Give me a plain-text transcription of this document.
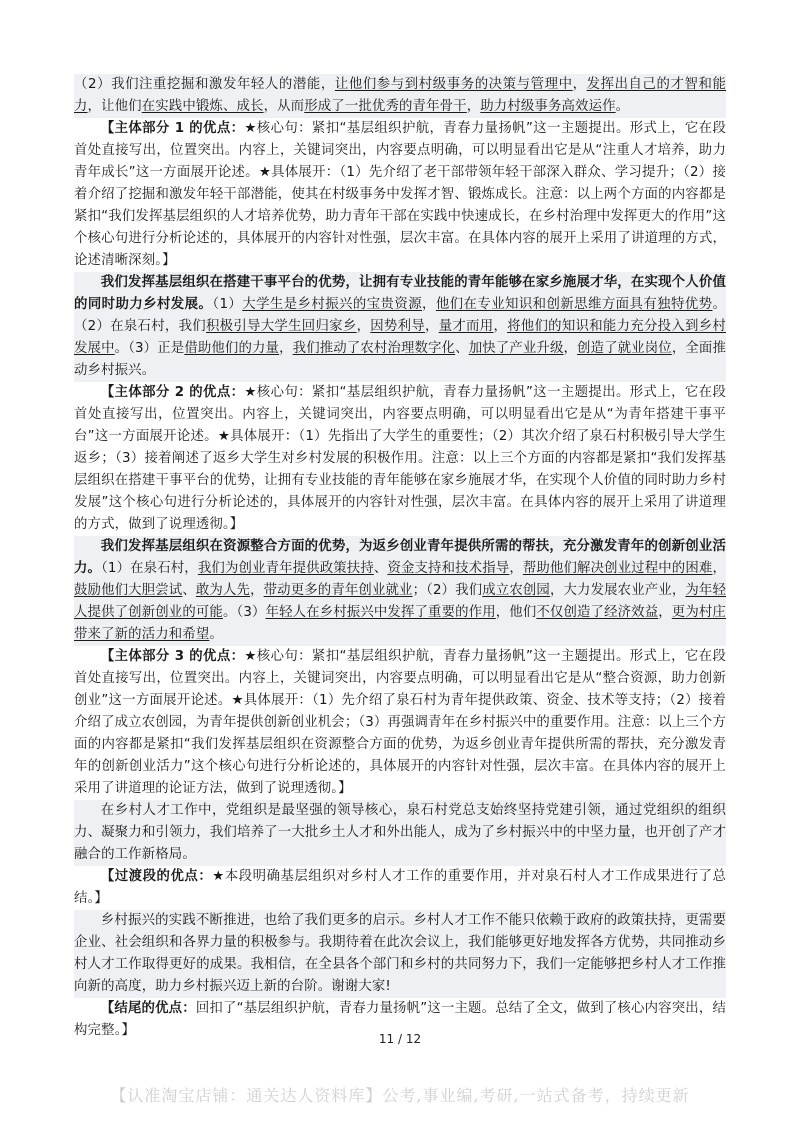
（2）我们注重挖掘和激发年轻人的潜能，让他们参与到村级事务的决策与管理中，发挥出自己的才智和能力，让他们在实践中锻炼、成长，从而形成了一批优秀的青年骨干，助力村级事务高效运作。

【主体部分 1 的优点：★核心句：紧扣“基层组织护航，青春力量扬帆”这一主题提出。形式上，它在段首处直接写出，位置突出。内容上，关键词突出，内容要点明确，可以明显看出它是从“注重人才培养，助力青年成长”这一方面展开论述。★具体展开：（1）先介绍了老干部带领年轻干部深入群众、学习提升；（2）接着介绍了挖掘和激发年轻干部潜能，使其在村级事务中发挥才智、锻炼成长。注意：以上两个方面的内容都是紧扣“我们发挥基层组织的人才培养优势，助力青年干部在实践中快速成长，在乡村治理中发挥更大的作用”这个核心句进行分析论述的，具体展开的内容针对性强，层次丰富。在具体内容的展开上采用了讲道理的方式，论述清晰深刻。】

我们发挥基层组织在搭建干事平台的优势，让拥有专业技能的青年能够在家乡施展才华，在实现个人价值的同时助力乡村发展。（1）大学生是乡村振兴的宝贵资源，他们在专业知识和创新思维方面具有独特优势。（2）在泉石村，我们积极引导大学生回归家乡，因势利导，量才而用，将他们的知识和能力充分投入到乡村发展中。（3）正是借助他们的力量，我们推动了农村治理数字化、加快了产业升级，创造了就业岗位，全面推动乡村振兴。

【主体部分 2 的优点：★核心句：紧扣“基层组织护航，青春力量扬帆”这一主题提出。形式上，它在段首处直接写出，位置突出。内容上，关键词突出，内容要点明确，可以明显看出它是从“为青年搭建干事平台”这一方面展开论述。★具体展开：（1）先指出了大学生的重要性；（2）其次介绍了泉石村积极引导大学生返乡；（3）接着阐述了返乡大学生对乡村发展的积极作用。注意：以上三个方面的内容都是紧扣“我们发挥基层组织在搭建干事平台的优势，让拥有专业技能的青年能够在家乡施展才华，在实现个人价值的同时助力乡村发展”这个核心句进行分析论述的，具体展开的内容针对性强，层次丰富。在具体内容的展开上采用了讲道理的方式，做到了说理透彻。】

我们发挥基层组织在资源整合方面的优势，为返乡创业青年提供所需的帮扶，充分激发青年的创新创业活力。（1）在泉石村，我们为创业青年提供政策扶持、资金支持和技术指导，帮助他们解决创业过程中的困难，鼓励他们大胆尝试、敢为人先，带动更多的青年创业就业；（2）我们成立农创园，大力发展农业产业，为年轻人提供了创新创业的可能。（3）年轻人在乡村振兴中发挥了重要的作用，他们不仅创造了经济效益，更为村庄带来了新的活力和希望。

【主体部分 3 的优点：★核心句：紧扣“基层组织护航，青春力量扬帆”这一主题提出。形式上，它在段首处直接写出，位置突出。内容上，关键词突出，内容要点明确，可以明显看出它是从“整合资源，助力创新创业”这一方面展开论述。★具体展开：（1）先介绍了泉石村为青年提供政策、资金、技术等支持；（2）接着介绍了成立农创园，为青年提供创新创业机会；（3）再强调青年在乡村振兴中的重要作用。注意：以上三个方面的内容都是紧扣“我们发挥基层组织在资源整合方面的优势，为返乡创业青年提供所需的帮扶，充分激发青年的创新创业活力”这个核心句进行分析论述的，具体展开的内容针对性强，层次丰富。在具体内容的展开上采用了讲道理的论证方法，做到了说理透彻。】

在乡村人才工作中，党组织是最坚强的领导核心，泉石村党总支始终坚持党建引领，通过党组织的组织力、凝聚力和引领力，我们培养了一大批乡土人才和外出能人，成为了乡村振兴中的中坚力量，也开创了产才融合的工作新格局。

【过渡段的优点：★本段明确基层组织对乡村人才工作的重要作用，并对泉石村人才工作成果进行了总结。】

乡村振兴的实践不断推进，也给了我们更多的启示。乡村人才工作不能只依赖于政府的政策扶持，更需要企业、社会组织和各界力量的积极参与。我期待着在此次会议上，我们能够更好地发挥各方优势，共同推动乡村人才工作取得更好的成果。我相信，在全县各个部门和乡村的共同努力下，我们一定能够把乡村人才工作推向新的高度，助力乡村振兴迈上新的台阶。谢谢大家!

【结尾的优点：回扣了“基层组织护航，青春力量扬帆”这一主题。总结了全文，做到了核心内容突出，结构完整。】

11 / 12
【认准淘宝店铺：通关达人资料库】公考,事业编,考研,一站式备考，持续更新
